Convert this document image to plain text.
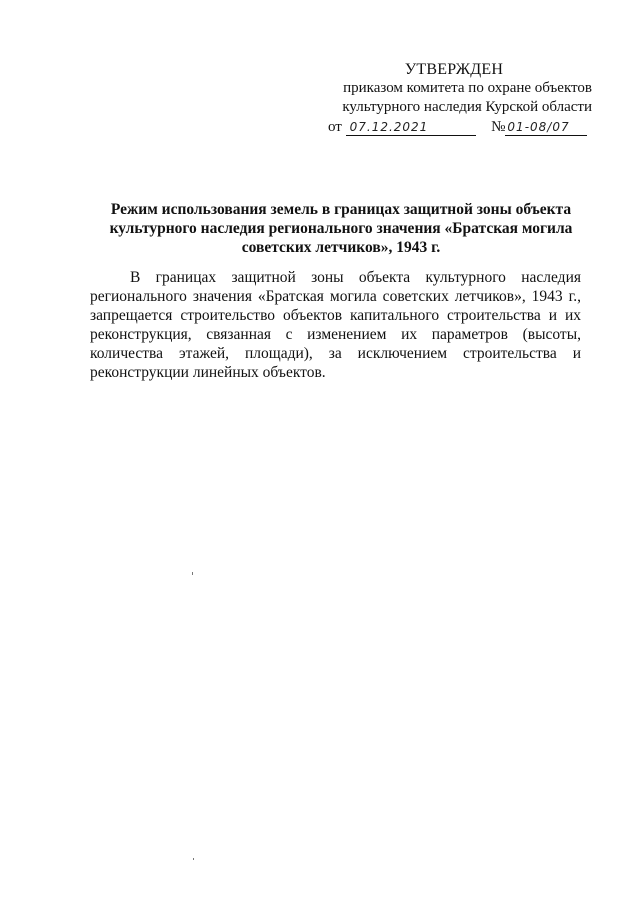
УТВЕРЖДЕН
приказом комитета по охране объектов
культурного наследия Курской области
от 07.12.2021	№ 01-08/07
Режим использования земель в границах защитной зоны объекта культурного наследия регионального значения «Братская могила советских летчиков», 1943 г.
В границах защитной зоны объекта культурного наследия регионального значения «Братская могила советских летчиков», 1943 г., запрещается строительство объектов капитального строительства и их реконструкция, связанная с изменением их параметров (высоты, количества этажей, площади), за исключением строительства и реконструкции линейных объектов.
